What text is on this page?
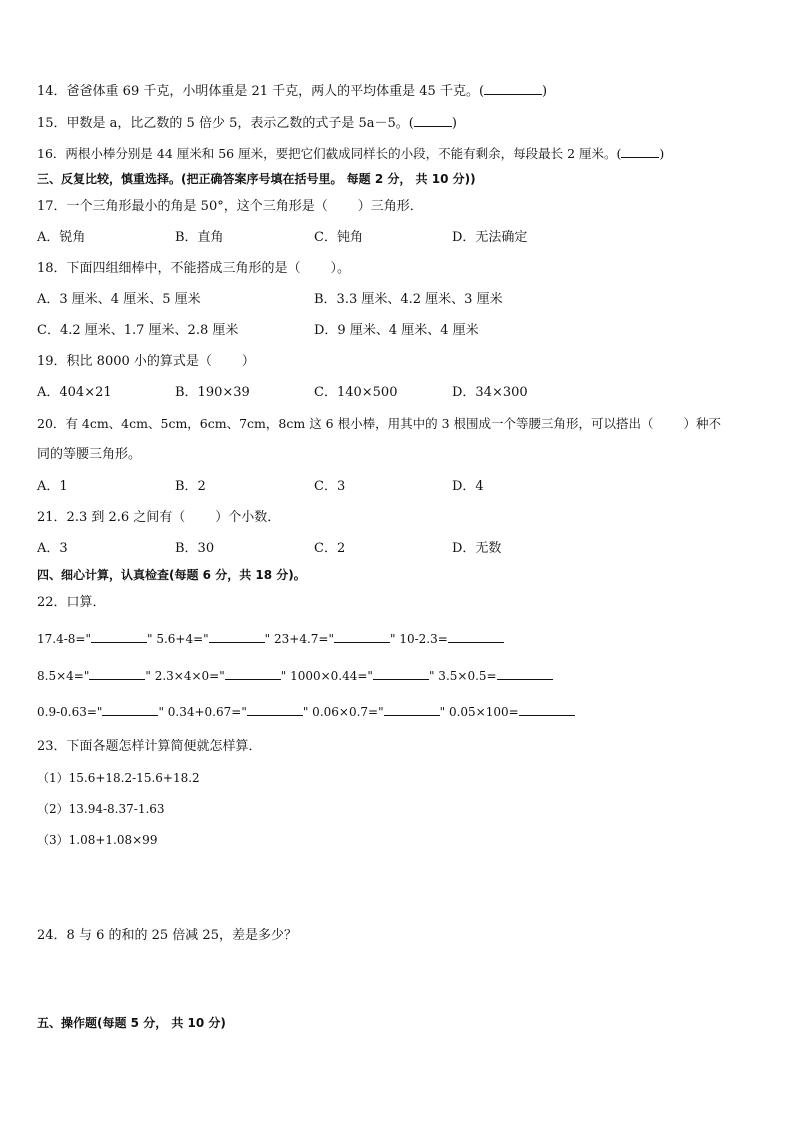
14．爸爸体重 69 千克，小明体重是 21 千克，两人的平均体重是 45 千克。(	)
15．甲数是 a，比乙数的 5 倍少 5，表示乙数的式子是 5a－5。(	)
16．两根小棒分别是 44 厘米和 56 厘米，要把它们截成同样长的小段，不能有剩余，每段最长 2 厘米。(	)
三、反复比较，慎重选择。(把正确答案序号填在括号里。 每题 2 分， 共 10 分))
17．一个三角形最小的角是 50°，这个三角形是（ ）三角形．
A．锐角	B．直角	C．钝角	D．无法确定
18．下面四组细棒中，不能搭成三角形的是（ ）。
A．3 厘米、4 厘米、5 厘米	B．3.3 厘米、4.2 厘米、3 厘米
C．4.2 厘米、1.7 厘米、2.8 厘米	D．9 厘米、4 厘米、4 厘米
19．积比 8000 小的算式是（ ）
A．404×21	B．190×39	C．140×500	D．34×300
20．有 4cm、4cm、5cm，6cm、7cm，8cm 这 6 根小棒，用其中的 3 根围成一个等腰三角形，可以搭出（ ）种不
同的等腰三角形。
A．1	B．2	C．3	D．4
21．2.3 到 2.6 之间有（ ）个小数．
A．3	B．30	C．2	D．无数
四、细心计算，认真检查(每题 6 分，共 18 分)。
22．口算．
17.4-8="	" 5.6+4="	" 23+4.7="	" 10-2.3=
8.5×4="	" 2.3×4×0="	" 1000×0.44="	" 3.5×0.5=
0.9-0.63="	" 0.34+0.67="	" 0.06×0.7="	" 0.05×100=
23．下面各题怎样计算简便就怎样算．
（1）15.6+18.2-15.6+18.2
（2）13.94-8.37-1.63
（3）1.08+1.08×99
24．8 与 6 的和的 25 倍减 25，差是多少？
五、操作题(每题 5 分， 共 10 分)
